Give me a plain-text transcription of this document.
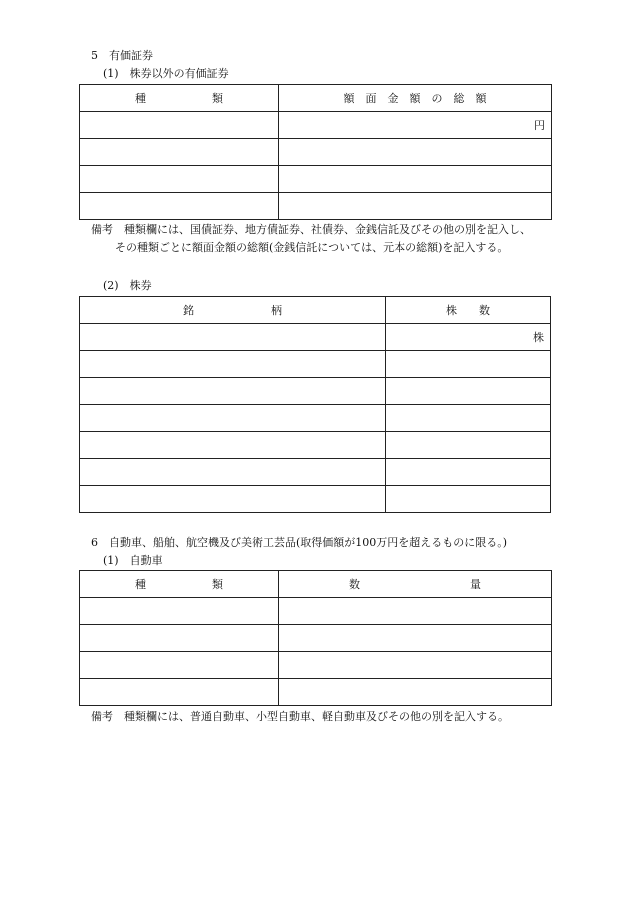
5　有価証券
(1)　株券以外の有価証券
種　　　　　　類	額　面　金　額　の　総　額
	円

備考　種類欄には、国債証券、地方債証券、社債券、金銭信託及びその他の別を記入し、
その種類ごとに額面金額の総額(金銭信託については、元本の総額)を記入する。
(2)　株券
銘　　　　　　　柄	株　　数
	株

6　自動車、船舶、航空機及び美術工芸品(取得価額が100万円を超えるものに限る。)
(1)　自動車
種　　　　　　類	数　　　　　　　　　　量

備考　種類欄には、普通自動車、小型自動車、軽自動車及びその他の別を記入する。
